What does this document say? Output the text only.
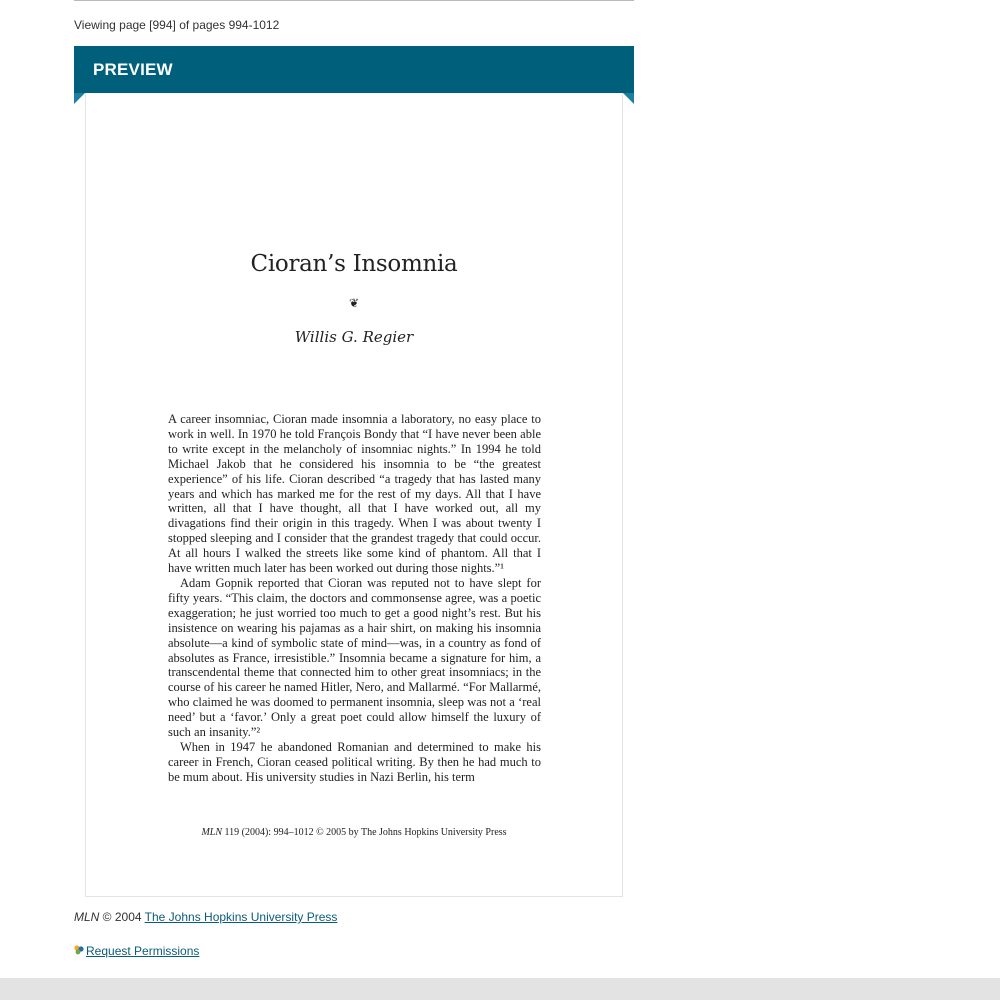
Viewing page [994] of pages 994-1012
PREVIEW
Cioran’s Insomnia
❦
Willis G. Regier

A career insomniac, Cioran made insomnia a laboratory, no easy place to work in well. In 1970 he told François Bondy that “I have never been able to write except in the melancholy of insomniac nights.” In 1994 he told Michael Jakob that he considered his insomnia to be “the greatest experience” of his life. Cioran described “a tragedy that has lasted many years and which has marked me for the rest of my days. All that I have written, all that I have thought, all that I have worked out, all my divagations find their origin in this tragedy. When I was about twenty I stopped sleeping and I consider that the grandest tragedy that could occur. At all hours I walked the streets like some kind of phantom. All that I have written much later has been worked out during those nights.”¹

Adam Gopnik reported that Cioran was reputed not to have slept for fifty years. “This claim, the doctors and commonsense agree, was a poetic exaggeration; he just worried too much to get a good night’s rest. But his insistence on wearing his pajamas as a hair shirt, on making his insomnia absolute—a kind of symbolic state of mind—was, in a country as fond of absolutes as France, irresistible.” Insomnia became a signature for him, a transcendental theme that connected him to other great insomniacs; in the course of his career he named Hitler, Nero, and Mallarmé. “For Mallarmé, who claimed he was doomed to permanent insomnia, sleep was not a ‘real need’ but a ‘favor.’ Only a great poet could allow himself the luxury of such an insanity.”²

When in 1947 he abandoned Romanian and determined to make his career in French, Cioran ceased political writing. By then he had much to be mum about. His university studies in Nazi Berlin, his term

MLN 119 (2004): 994–1012 © 2005 by The Johns Hopkins University Press
MLN © 2004 The Johns Hopkins University Press
Request Permissions
